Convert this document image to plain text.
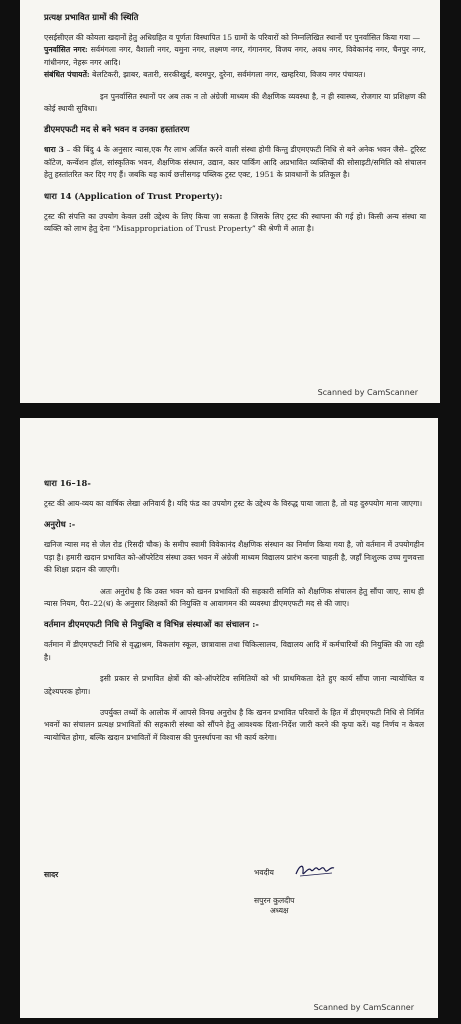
प्रत्यक्ष प्रभावित ग्रामों की स्थिति

एसईसीएल की कोयला खदानों हेतु अधिग्रहित व पूर्णतः विस्थापित 15 ग्रामों के परिवारों को निम्नलिखित स्थानों पर पुनर्वासित किया गया —

पुनर्वासित नगर: सर्वमंगला नगर, वैशाली नगर, यमुना नगर, लक्ष्मण नगर, गंगानगर, विजय नगर, अवध नगर, विवेकानंद नगर, चैनपुर नगर, गांधीनगर, नेहरू नगर आदि।

संबंधित पंचायतें: बेलटिकरी, झाबर, बतारी, सरकीखुर्द, बरमपुर, दुरेना, सर्वमंगला नगर, खम्हरिया, विजय नगर पंचायत।

इन पुनर्वासित स्थानों पर अब तक न तो अंग्रेजी माध्यम की शैक्षणिक व्यवस्था है, न ही स्वास्थ्य, रोजगार या प्रशिक्षण की कोई स्थायी सुविधा।

डीएमएफटी मद से बने भवन व उनका हस्तांतरण

धारा 3 – की बिंदु 4 के अनुसार न्यास,एक गैर लाभ अर्जित करने वाली संस्था होगी किन्तु डीएमएफटी निधि से बने अनेक भवन जैसे– टूरिस्ट कॉटेज, कन्वेंशन हॉल, सांस्कृतिक भवन, शैक्षणिक संस्थान, उद्यान, कार पार्किंग आदि अप्रभावित व्यक्तियों की सोसाइटी/समिति को संचालन हेतु हस्तांतरित कर दिए गए हैं। जबकि यह कार्य छत्तीसगढ़ पब्लिक ट्रस्ट एक्ट, 1951 के प्रावधानों के प्रतिकूल है।

धारा 14 (Application of Trust Property):

ट्रस्ट की संपत्ति का उपयोग केवल उसी उद्देश्य के लिए किया जा सकता है जिसके लिए ट्रस्ट की स्थापना की गई हो। किसी अन्य संस्था या व्यक्ति को लाभ हेतु देना “Misappropriation of Trust Property” की श्रेणी में आता है।

Scanned by CamScanner

धारा 16–18-

ट्रस्ट की आय-व्यय का वार्षिक लेखा अनिवार्य है। यदि फंड का उपयोग ट्रस्ट के उद्देश्य के विरुद्ध पाया जाता है, तो यह दुरुपयोग माना जाएगा।

अनुरोध :-

खनिज न्यास मद से जेल रोड (रिसदी चौक) के समीप स्वामी विवेकानंद शैक्षणिक संस्थान का निर्माण किया गया है, जो वर्तमान में उपयोगहीन पड़ा है। हमारी खदान प्रभावित को-ऑपरेटिव संस्था उक्त भवन में अंग्रेजी माध्यम विद्यालय प्रारंभ करना चाहती है, जहाँ निःशुल्क उच्च गुणवत्ता की शिक्षा प्रदान की जाएगी।

अतः अनुरोध है कि उक्त भवन को खनन प्रभावितों की सहकारी समिति को शैक्षणिक संचालन हेतु सौंपा जाए, साथ ही न्यास नियम, पैरा–22(ध) के अनुसार शिक्षकों की नियुक्ति व आवागमन की व्यवस्था डीएमएफटी मद से की जाए।

वर्तमान डीएमएफटी निधि से नियुक्ति व विभिन्न संस्थाओं का संचालन :-

वर्तमान में डीएमएफटी निधि से वृद्धाश्रम, विकलांग स्कूल, छात्रावास तथा चिकित्सालय, विद्यालय आदि में कर्मचारियों की नियुक्ति की जा रही है।

इसी प्रकार से प्रभावित क्षेत्रों की को-ऑपरेटिव समितियों को भी प्राथमिकता देते हुए कार्य सौंपा जाना न्यायोचित व उद्देश्यपरक होगा।

उपर्युक्त तथ्यों के आलोक में आपसे विनम्र अनुरोध है कि खनन प्रभावित परिवारों के हित में डीएमएफटी निधि से निर्मित भवनों का संचालन प्रत्यक्ष प्रभावितों की सहकारी संस्था को सौंपने हेतु आवश्यक दिशा-निर्देश जारी करने की कृपा करें। यह निर्णय न केवल न्यायोचित होगा, बल्कि खदान प्रभावितों में विश्वास की पुनर्स्थापना का भी कार्य करेगा।

सादर	भवदीय
सपुरन कुलदीप
अध्यक्ष
Scanned by CamScanner
